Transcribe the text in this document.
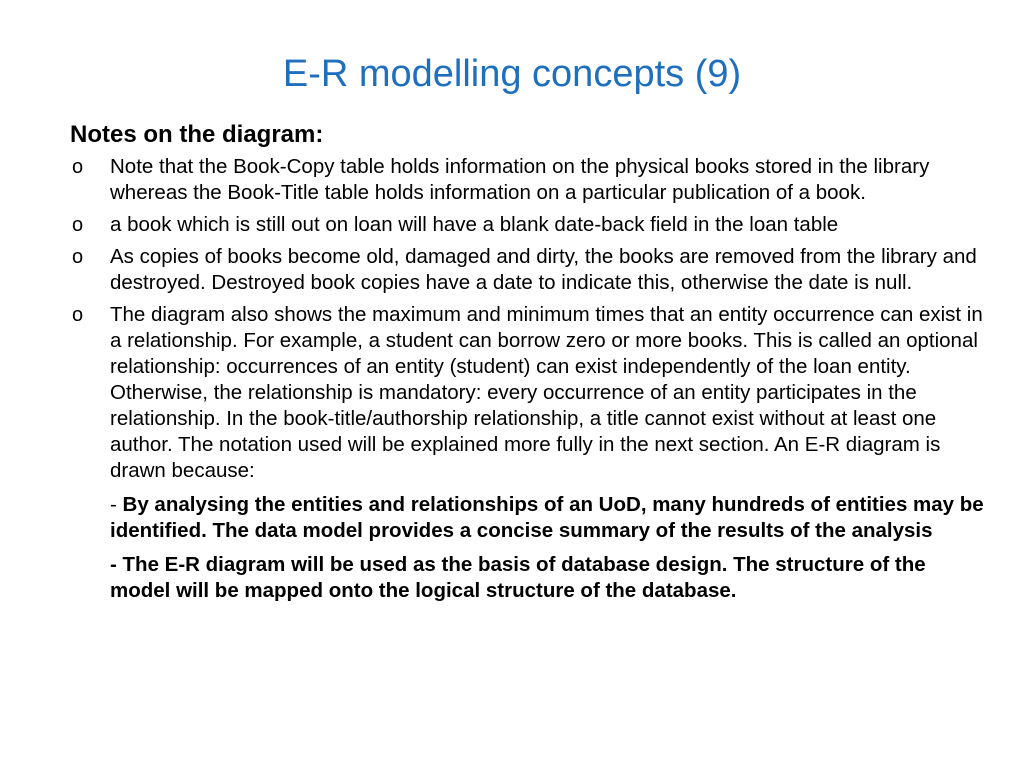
E-R modelling concepts (9)
Notes on the diagram:
o Note that the Book-Copy table holds information on the physical books stored in the library whereas the Book-Title table holds information on a particular publication of a book.
o a book which is still out on loan will have a blank date-back field in the loan table
o As copies of books become old, damaged and dirty, the books are removed from the library and destroyed. Destroyed book copies have a date to indicate this, otherwise the date is null.
o The diagram also shows the maximum and minimum times that an entity occurrence can exist in a relationship. For example, a student can borrow zero or more books. This is called an optional relationship: occurrences of an entity (student) can exist independently of the loan entity. Otherwise, the relationship is mandatory: every occurrence of an entity participates in the relationship. In the book-title/authorship relationship, a title cannot exist without at least one author. The notation used will be explained more fully in the next section. An E-R diagram is drawn because:
- By analysing the entities and relationships of an UoD, many hundreds of entities may be identified. The data model provides a concise summary of the results of the analysis
- The E-R diagram will be used as the basis of database design. The structure of the model will be mapped onto the logical structure of the database.
